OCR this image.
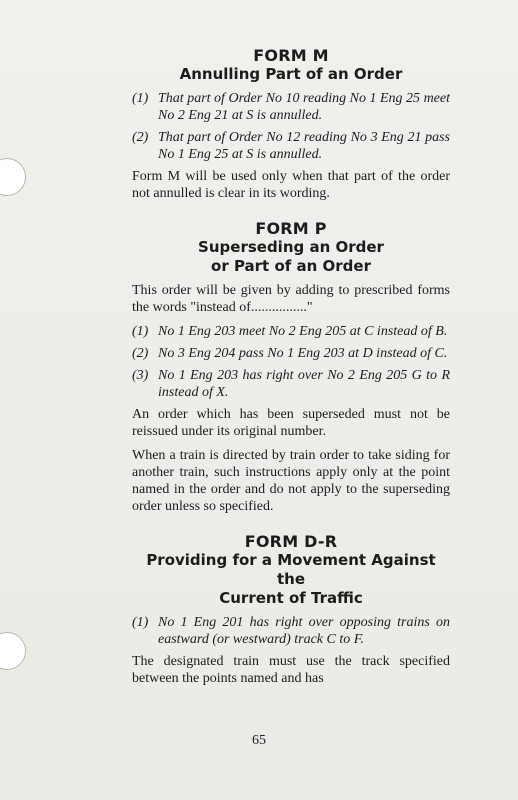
FORM M
Annulling Part of an Order
(1) That part of Order No 10 reading No 1 Eng 25 meet No 2 Eng 21 at S is annulled.
(2) That part of Order No 12 reading No 3 Eng 21 pass No 1 Eng 25 at S is annulled.

Form M will be used only when that part of the order not annulled is clear in its wording.

FORM P
Superseding an Order
or Part of an Order

This order will be given by adding to prescribed forms the words "instead of................"

(1) No 1 Eng 203 meet No 2 Eng 205 at C instead of B.
(2) No 3 Eng 204 pass No 1 Eng 203 at D instead of C.
(3) No 1 Eng 203 has right over No 2 Eng 205 G to R instead of X.

An order which has been superseded must not be reissued under its original number.

When a train is directed by train order to take siding for another train, such instructions apply only at the point named in the order and do not apply to the superseding order unless so specified.

FORM D-R
Providing for a Movement Against the
Current of Traffic
(1) No 1 Eng 201 has right over opposing trains on eastward (or westward) track C to F.

The designated train must use the track specified between the points named and has

65
